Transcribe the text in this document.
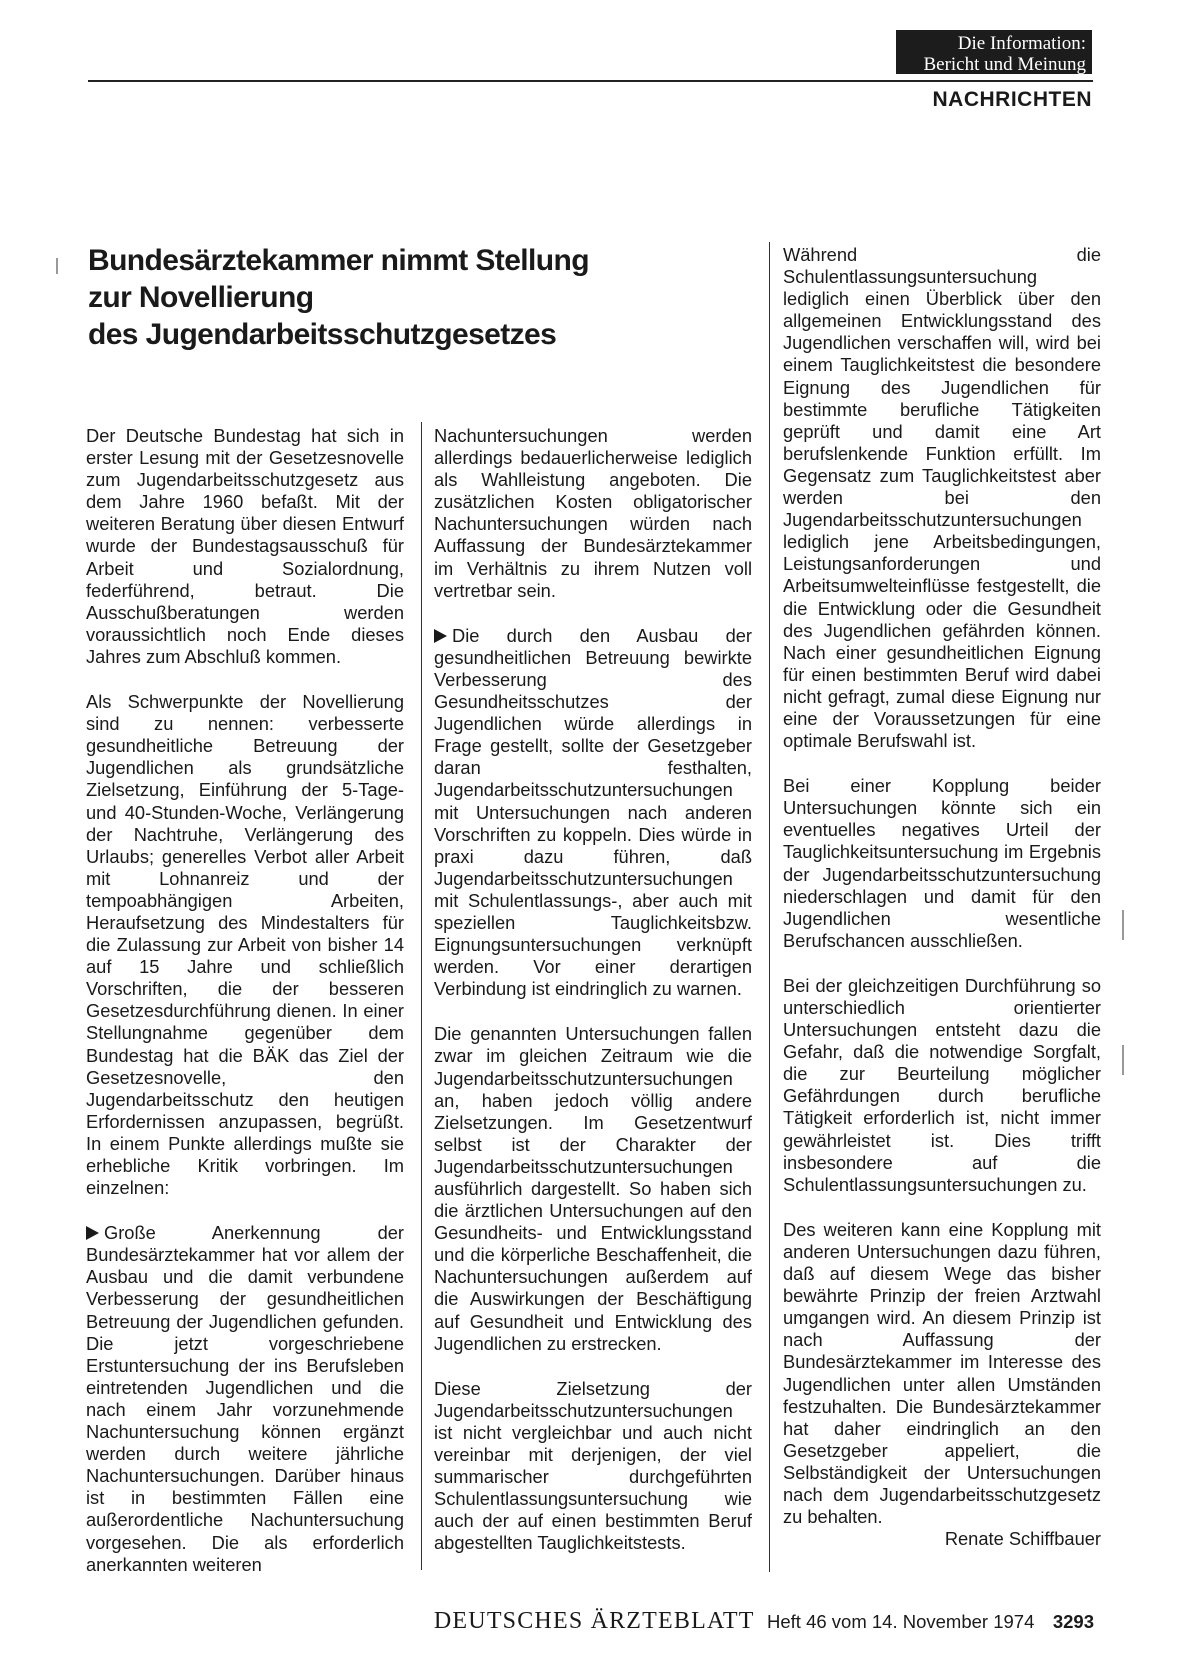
Die Information:
Bericht und Meinung
NACHRICHTEN
Bundesärztekammer nimmt Stellung
zur Novellierung
des Jugendarbeitsschutzgesetzes

Der Deutsche Bundestag hat sich in erster Lesung mit der Gesetzesnovelle zum Jugendarbeitsschutzgesetz aus dem Jahre 1960 befaßt. Mit der weiteren Beratung über diesen Entwurf wurde der Bundestagsausschuß für Arbeit und Sozialordnung, federführend, betraut. Die Ausschußberatungen werden voraussichtlich noch Ende dieses Jahres zum Abschluß kommen.

Als Schwerpunkte der Novellierung sind zu nennen: verbesserte gesundheitliche Betreuung der Jugendlichen als grundsätzliche Zielsetzung, Einführung der 5-Tage- und 40-Stunden-Woche, Verlängerung der Nachtruhe, Verlängerung des Urlaubs; generelles Verbot aller Arbeit mit Lohnanreiz und der tempoabhängigen Arbeiten, Heraufsetzung des Mindestalters für die Zulassung zur Arbeit von bisher 14 auf 15 Jahre und schließlich Vorschriften, die der besseren Gesetzesdurchführung dienen. In einer Stellungnahme gegenüber dem Bundestag hat die BÄK das Ziel der Gesetzesnovelle, den Jugendarbeitsschutz den heutigen Erfordernissen anzupassen, begrüßt. In einem Punkte allerdings mußte sie erhebliche Kritik vorbringen. Im einzelnen:

Große Anerkennung der Bundesärztekammer hat vor allem der Ausbau und die damit verbundene Verbesserung der gesundheitlichen Betreuung der Jugendlichen gefunden. Die jetzt vorgeschriebene Erstuntersuchung der ins Berufsleben eintretenden Jugendlichen und die nach einem Jahr vorzunehmende Nachuntersuchung können ergänzt werden durch weitere jährliche Nachuntersuchungen. Darüber hinaus ist in bestimmten Fällen eine außerordentliche Nachuntersuchung vorgesehen. Die als erforderlich anerkannten weiteren

Nachuntersuchungen werden allerdings bedauerlicherweise lediglich als Wahlleistung angeboten. Die zusätzlichen Kosten obligatorischer Nachuntersuchungen würden nach Auffassung der Bundesärztekammer im Verhältnis zu ihrem Nutzen voll vertretbar sein.

Die durch den Ausbau der gesundheitlichen Betreuung bewirkte Verbesserung des Gesundheitsschutzes der Jugendlichen würde allerdings in Frage gestellt, sollte der Gesetzgeber daran festhalten, Jugendarbeitsschutzuntersuchungen mit Untersuchungen nach anderen Vorschriften zu koppeln. Dies würde in praxi dazu führen, daß Jugendarbeitsschutzuntersuchungen mit Schulentlassungs-, aber auch mit speziellen Tauglichkeitsbzw. Eignungsuntersuchungen verknüpft werden. Vor einer derartigen Verbindung ist eindringlich zu warnen.

Die genannten Untersuchungen fallen zwar im gleichen Zeitraum wie die Jugendarbeitsschutzuntersuchungen an, haben jedoch völlig andere Zielsetzungen. Im Gesetzentwurf selbst ist der Charakter der Jugendarbeitsschutzuntersuchungen ausführlich dargestellt. So haben sich die ärztlichen Untersuchungen auf den Gesundheits- und Entwicklungsstand und die körperliche Beschaffenheit, die Nachuntersuchungen außerdem auf die Auswirkungen der Beschäftigung auf Gesundheit und Entwicklung des Jugendlichen zu erstrecken.

Diese Zielsetzung der Jugendarbeitsschutzuntersuchungen ist nicht vergleichbar und auch nicht vereinbar mit derjenigen, der viel summarischer durchgeführten Schulentlassungsuntersuchung wie auch der auf einen bestimmten Beruf abgestellten Tauglichkeitstests.

Während die Schulentlassungsuntersuchung lediglich einen Überblick über den allgemeinen Entwicklungsstand des Jugendlichen verschaffen will, wird bei einem Tauglichkeitstest die besondere Eignung des Jugendlichen für bestimmte berufliche Tätigkeiten geprüft und damit eine Art berufslenkende Funktion erfüllt. Im Gegensatz zum Tauglichkeitstest aber werden bei den Jugendarbeitsschutzuntersuchungen lediglich jene Arbeitsbedingungen, Leistungsanforderungen und Arbeitsumwelteinflüsse festgestellt, die die Entwicklung oder die Gesundheit des Jugendlichen gefährden können. Nach einer gesundheitlichen Eignung für einen bestimmten Beruf wird dabei nicht gefragt, zumal diese Eignung nur eine der Voraussetzungen für eine optimale Berufswahl ist.

Bei einer Kopplung beider Untersuchungen könnte sich ein eventuelles negatives Urteil der Tauglichkeitsuntersuchung im Ergebnis der Jugendarbeitsschutzuntersuchung niederschlagen und damit für den Jugendlichen wesentliche Berufschancen ausschließen.

Bei der gleichzeitigen Durchführung so unterschiedlich orientierter Untersuchungen entsteht dazu die Gefahr, daß die notwendige Sorgfalt, die zur Beurteilung möglicher Gefährdungen durch berufliche Tätigkeit erforderlich ist, nicht immer gewährleistet ist. Dies trifft insbesondere auf die Schulentlassungsuntersuchungen zu.

Des weiteren kann eine Kopplung mit anderen Untersuchungen dazu führen, daß auf diesem Wege das bisher bewährte Prinzip der freien Arztwahl umgangen wird. An diesem Prinzip ist nach Auffassung der Bundesärztekammer im Interesse des Jugendlichen unter allen Umständen festzuhalten. Die Bundesärztekammer hat daher eindringlich an den Gesetzgeber appeliert, die Selbständigkeit der Untersuchungen nach dem Jugendarbeitsschutzgesetz zu behalten.

Renate Schiffbauer

DEUTSCHES ÄRZTEBLATT Heft 46 vom 14. November 1974 3293
